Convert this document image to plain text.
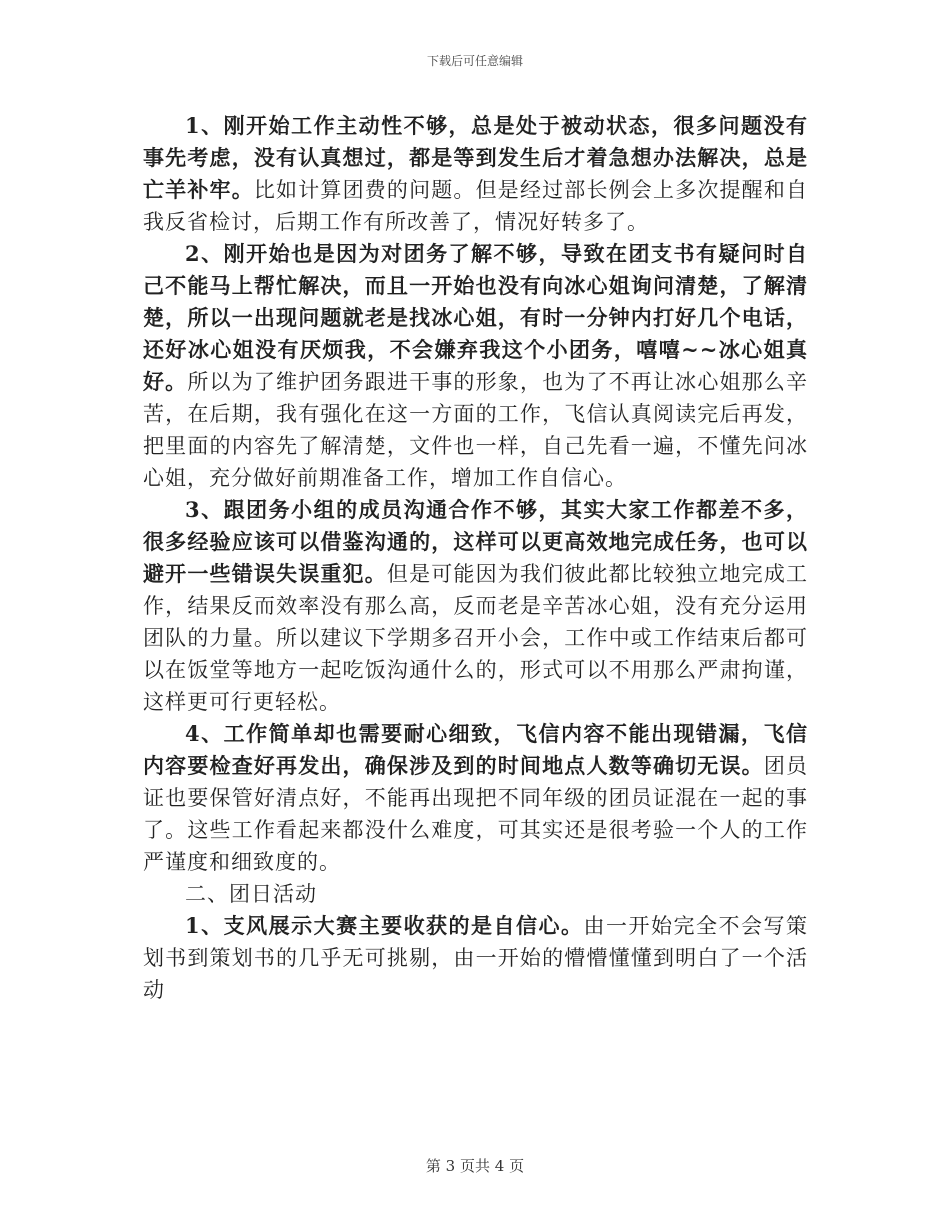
下载后可任意编辑

1、刚开始工作主动性不够，总是处于被动状态，很多问题没有事先考虑，没有认真想过，都是等到发生后才着急想办法解决，总是亡羊补牢。比如计算团费的问题。但是经过部长例会上多次提醒和自我反省检讨，后期工作有所改善了，情况好转多了。

2、刚开始也是因为对团务了解不够，导致在团支书有疑问时自己不能马上帮忙解决，而且一开始也没有向冰心姐询问清楚，了解清楚，所以一出现问题就老是找冰心姐，有时一分钟内打好几个电话，还好冰心姐没有厌烦我，不会嫌弃我这个小团务，嘻嘻~~冰心姐真好。所以为了维护团务跟进干事的形象，也为了不再让冰心姐那么辛苦，在后期，我有强化在这一方面的工作，飞信认真阅读完后再发，把里面的内容先了解清楚，文件也一样，自己先看一遍，不懂先问冰心姐，充分做好前期准备工作，增加工作自信心。

3、跟团务小组的成员沟通合作不够，其实大家工作都差不多，很多经验应该可以借鉴沟通的，这样可以更高效地完成任务，也可以避开一些错误失误重犯。但是可能因为我们彼此都比较独立地完成工作，结果反而效率没有那么高，反而老是辛苦冰心姐，没有充分运用团队的力量。所以建议下学期多召开小会，工作中或工作结束后都可以在饭堂等地方一起吃饭沟通什么的，形式可以不用那么严肃拘谨，这样更可行更轻松。

4、工作简单却也需要耐心细致，飞信内容不能出现错漏，飞信内容要检查好再发出，确保涉及到的时间地点人数等确切无误。团员证也要保管好清点好，不能再出现把不同年级的团员证混在一起的事了。这些工作看起来都没什么难度，可其实还是很考验一个人的工作严谨度和细致度的。

二、团日活动

1、支风展示大赛主要收获的是自信心。由一开始完全不会写策划书到策划书的几乎无可挑剔，由一开始的懵懵懂懂到明白了一个活动

第 3 页共 4 页
